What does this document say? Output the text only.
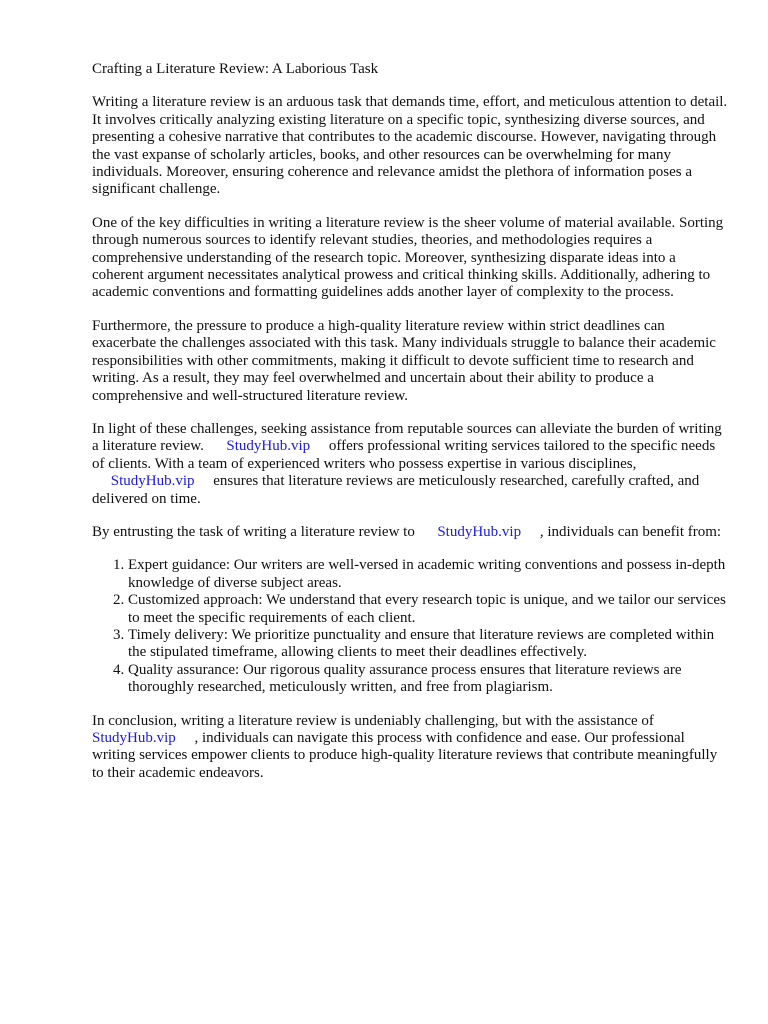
Crafting a Literature Review: A Laborious Task

Writing a literature review is an arduous task that demands time, effort, and meticulous attention to detail. It involves critically analyzing existing literature on a specific topic, synthesizing diverse sources, and presenting a cohesive narrative that contributes to the academic discourse. However, navigating through the vast expanse of scholarly articles, books, and other resources can be overwhelming for many individuals. Moreover, ensuring coherence and relevance amidst the plethora of information poses a significant challenge.

One of the key difficulties in writing a literature review is the sheer volume of material available. Sorting through numerous sources to identify relevant studies, theories, and methodologies requires a comprehensive understanding of the research topic. Moreover, synthesizing disparate ideas into a coherent argument necessitates analytical prowess and critical thinking skills. Additionally, adhering to academic conventions and formatting guidelines adds another layer of complexity to the process.

Furthermore, the pressure to produce a high-quality literature review within strict deadlines can exacerbate the challenges associated with this task. Many individuals struggle to balance their academic responsibilities with other commitments, making it difficult to devote sufficient time to research and writing. As a result, they may feel overwhelmed and uncertain about their ability to produce a comprehensive and well-structured literature review.

In light of these challenges, seeking assistance from reputable sources can alleviate the burden of writing a literature review. StudyHub.vip offers professional writing services tailored to the specific needs of clients. With a team of experienced writers who possess expertise in various disciplines, StudyHub.vip ensures that literature reviews are meticulously researched, carefully crafted, and delivered on time.

By entrusting the task of writing a literature review to StudyHub.vip , individuals can benefit from:

1. Expert guidance: Our writers are well-versed in academic writing conventions and possess in-depth knowledge of diverse subject areas.
2. Customized approach: We understand that every research topic is unique, and we tailor our services to meet the specific requirements of each client.
3. Timely delivery: We prioritize punctuality and ensure that literature reviews are completed within the stipulated timeframe, allowing clients to meet their deadlines effectively.
4. Quality assurance: Our rigorous quality assurance process ensures that literature reviews are thoroughly researched, meticulously written, and free from plagiarism.

In conclusion, writing a literature review is undeniably challenging, but with the assistance of StudyHub.vip , individuals can navigate this process with confidence and ease. Our professional writing services empower clients to produce high-quality literature reviews that contribute meaningfully to their academic endeavors.
